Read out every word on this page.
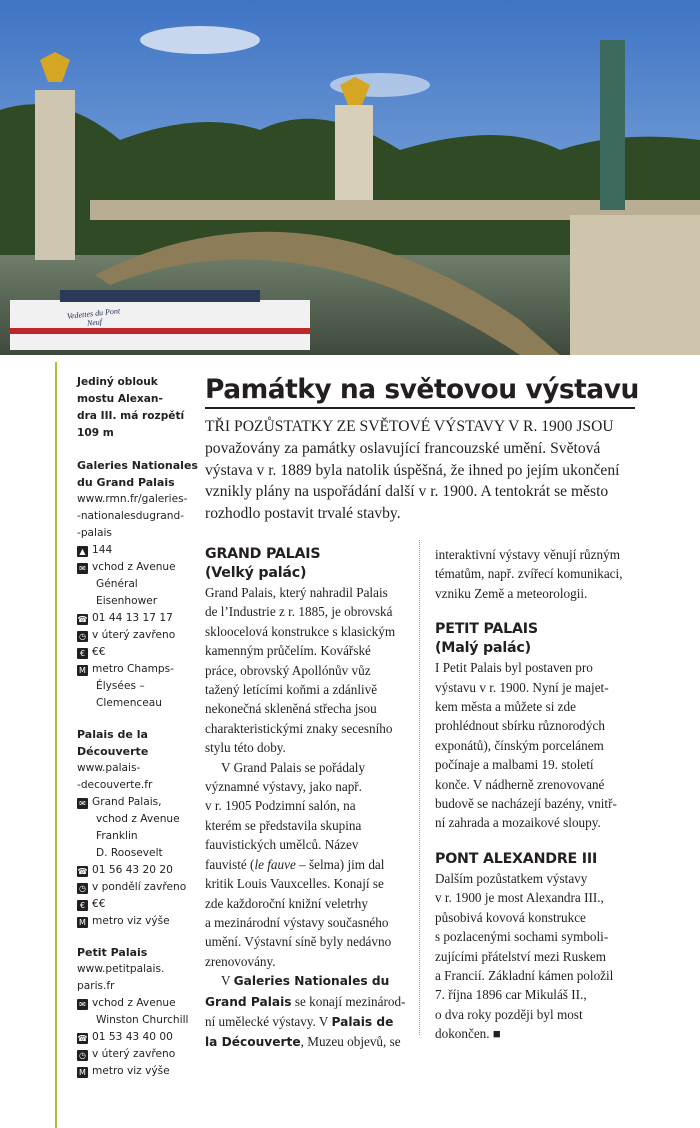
Vedettes du Pont Neuf
Jediný oblouk
mostu Alexan-
dra III. má rozpětí
109 m
Galeries Nationales
du Grand Palais
www.rmn.fr/galeries-
-nationalesdugrand-
-palais
▲ 144
✉ vchod z Avenue
Général
Eisenhower
☎ 01 44 13 17 17
◷ v úterý zavřeno
€ €€
M metro Champs-
Élysées –
Clemenceau
Palais de la
Découverte
www.palais-
-decouverte.fr
✉ Grand Palais,
vchod z Avenue
Franklin
D. Roosevelt
☎ 01 56 43 20 20
◷ v pondělí zavřeno
€ €€
M metro viz výše
Petit Palais
www.petitpalais.
paris.fr
✉ vchod z Avenue
Winston Churchill
☎ 01 53 43 40 00
◷ v úterý zavřeno
M metro viz výše
Památky na světovou výstavu
TŘI POZŮSTATKY ZE SVĚTOVÉ VÝSTAVY V R. 1900 JSOU
považovány za památky oslavující francouzské umění. Světová
výstava v r. 1889 byla natolik úspěšná, že ihned po jejím ukončení
vznikly plány na uspořádání další v r. 1900. A tentokrát se město
rozhodlo postavit trvalé stavby.
GRAND PALAIS
(Velký palác)
Grand Palais, který nahradil Palais
de l’Industrie z r. 1885, je obrovská
skloocelová konstrukce s klasickým
kamenným průčelím. Kovářské
práce, obrovský Apollónův vůz
tažený letícími koňmi a zdánlivě
nekonečná skleněná střecha jsou
charakteristickými znaky secesního
stylu této doby.
V Grand Palais se pořádaly
významné výstavy, jako např.
v r. 1905 Podzimní salón, na
kterém se představila skupina
fauvistických umělců. Název
fauvisté (le fauve – šelma) jim dal
kritik Louis Vauxcelles. Konají se
zde každoroční knižní veletrhy
a mezinárodní výstavy současného
umění. Výstavní síně byly nedávno
zrenovovány.
V Galeries Nationales du
Grand Palais se konají mezinárod-
ní umělecké výstavy. V Palais de
la Découverte, Muzeu objevů, se
interaktivní výstavy věnují různým
tématům, např. zvířecí komunikaci,
vzniku Země a meteorologii.
PETIT PALAIS
(Malý palác)
I Petit Palais byl postaven pro
výstavu v r. 1900. Nyní je majet-
kem města a můžete si zde
prohlédnout sbírku různorodých
exponátů), čínským porcelánem
počínaje a malbami 19. století
konče. V nádherně zrenovované
budově se nacházejí bazény, vnitř-
ní zahrada a mozaikové sloupy.
PONT ALEXANDRE III
Dalším pozůstatkem výstavy
v r. 1900 je most Alexandra III.,
působivá kovová konstrukce
s pozlacenými sochami symboli-
zujícími přátelství mezi Ruskem
a Francií. Základní kámen položil
7. října 1896 car Mikuláš II.,
o dva roky později byl most
dokončen. ■
